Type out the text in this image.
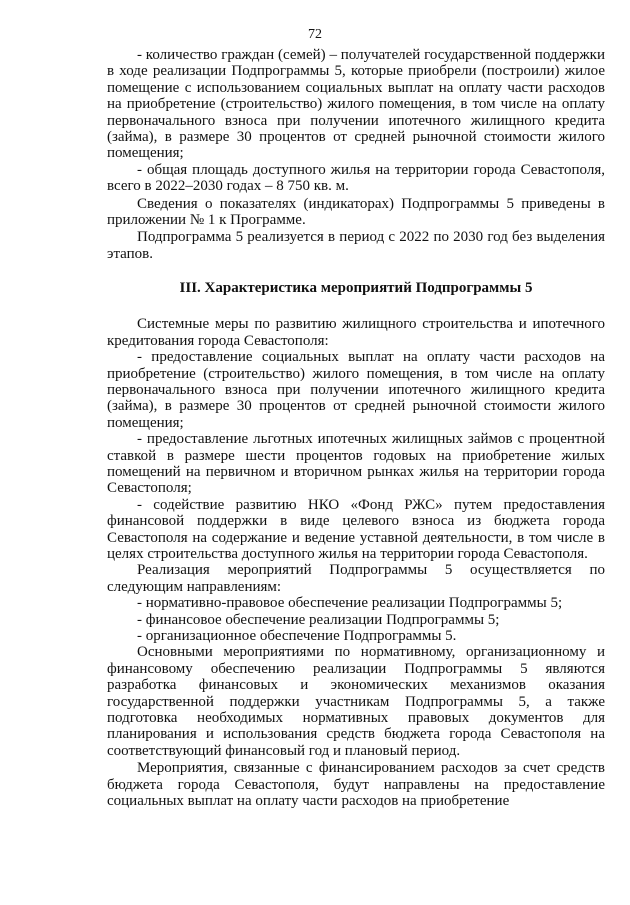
72

- количество граждан (семей) – получателей государственной поддержки в ходе реализации Подпрограммы 5, которые приобрели (построили) жилое помещение с использованием социальных выплат на оплату части расходов на приобретение (строительство) жилого помещения, в том числе на оплату первоначального взноса при получении ипотечного жилищного кредита (займа), в размере 30 процентов от средней рыночной стоимости жилого помещения;

- общая площадь доступного жилья на территории города Севастополя, всего в 2022–2030 годах – 8 750 кв. м.

Сведения о показателях (индикаторах) Подпрограммы 5 приведены в приложении № 1 к Программе.

Подпрограмма 5 реализуется в период с 2022 по 2030 год без выделения этапов.

III. Характеристика мероприятий Подпрограммы 5

Системные меры по развитию жилищного строительства и ипотечного кредитования города Севастополя:

- предоставление социальных выплат на оплату части расходов на приобретение (строительство) жилого помещения, в том числе на оплату первоначального взноса при получении ипотечного жилищного кредита (займа), в размере 30 процентов от средней рыночной стоимости жилого помещения;

- предоставление льготных ипотечных жилищных займов с процентной ставкой в размере шести процентов годовых на приобретение жилых помещений на первичном и вторичном рынках жилья на территории города Севастополя;

- содействие развитию НКО «Фонд РЖС» путем предоставления финансовой поддержки в виде целевого взноса из бюджета города Севастополя на содержание и ведение уставной деятельности, в том числе в целях строительства доступного жилья на территории города Севастополя.

Реализация мероприятий Подпрограммы 5 осуществляется по следующим направлениям:

- нормативно-правовое обеспечение реализации Подпрограммы 5;

- финансовое обеспечение реализации Подпрограммы 5;

- организационное обеспечение Подпрограммы 5.

Основными мероприятиями по нормативному, организационному и финансовому обеспечению реализации Подпрограммы 5 являются разработка финансовых и экономических механизмов оказания государственной поддержки участникам Подпрограммы 5, а также подготовка необходимых нормативных правовых документов для планирования и использования средств бюджета города Севастополя на соответствующий финансовый год и плановый период.

Мероприятия, связанные с финансированием расходов за счет средств бюджета города Севастополя, будут направлены на предоставление социальных выплат на оплату части расходов на приобретение
